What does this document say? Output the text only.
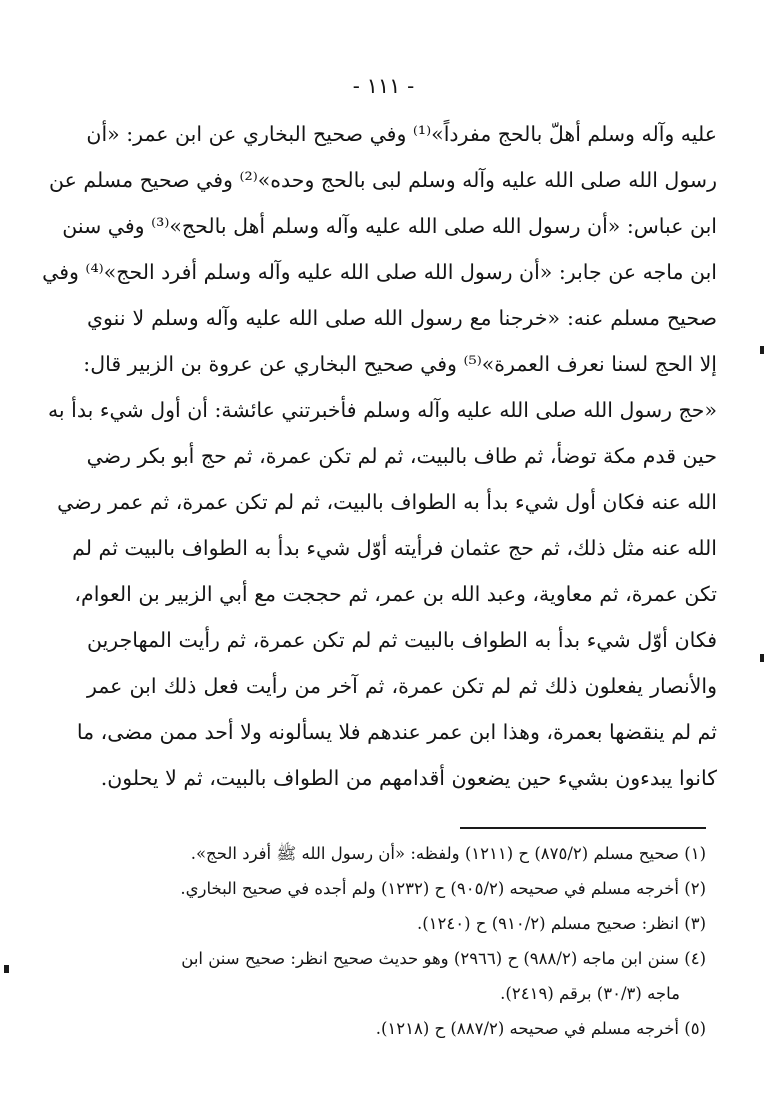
- ١١١ -
عليه وآله وسلم أهلّ بالحج مفرداً»⁽¹⁾ وفي صحيح البخاري عن ابن عمر: «أن
رسول الله صلى الله عليه وآله وسلم لبى بالحج وحده»⁽²⁾ وفي صحيح مسلم عن
ابن عباس: «أن رسول الله صلى الله عليه وآله وسلم أهل بالحج»⁽³⁾ وفي سنن
ابن ماجه عن جابر: «أن رسول الله صلى الله عليه وآله وسلم أفرد الحج»⁽⁴⁾ وفي
صحيح مسلم عنه: «خرجنا مع رسول الله صلى الله عليه وآله وسلم لا ننوي
إلا الحج لسنا نعرف العمرة»⁽⁵⁾ وفي صحيح البخاري عن عروة بن الزبير قال:
«حج رسول الله صلى الله عليه وآله وسلم فأخبرتني عائشة: أن أول شيء بدأ به
حين قدم مكة توضأ، ثم طاف بالبيت، ثم لم تكن عمرة، ثم حج أبو بكر رضي
الله عنه فكان أول شيء بدأ به الطواف بالبيت، ثم لم تكن عمرة، ثم عمر رضي
الله عنه مثل ذلك، ثم حج عثمان فرأيته أوّل شيء بدأ به الطواف بالبيت ثم لم
تكن عمرة، ثم معاوية، وعبد الله بن عمر، ثم حججت مع أبي الزبير بن العوام،
فكان أوّل شيء بدأ به الطواف بالبيت ثم لم تكن عمرة، ثم رأيت المهاجرين
والأنصار يفعلون ذلك ثم لم تكن عمرة، ثم آخر من رأيت فعل ذلك ابن عمر
ثم لم ينقضها بعمرة، وهذا ابن عمر عندهم فلا يسألونه ولا أحد ممن مضى، ما
كانوا يبدءون بشيء حين يضعون أقدامهم من الطواف بالبيت، ثم لا يحلون.
(١) صحيح مسلم (٨٧٥/٢) ح (١٢١١) ولفظه: «أن رسول الله ﷺ أفرد الحج».
(٢) أخرجه مسلم في صحيحه (٩٠٥/٢) ح (١٢٣٢) ولم أجده في صحيح البخاري.
(٣) انظر: صحيح مسلم (٩١٠/٢) ح (١٢٤٠).
(٤) سنن ابن ماجه (٩٨٨/٢) ح (٢٩٦٦) وهو حديث صحيح انظر: صحيح سنن ابن
ماجه (٣٠/٣) برقم (٢٤١٩).
(٥) أخرجه مسلم في صحيحه (٨٨٧/٢) ح (١٢١٨).
